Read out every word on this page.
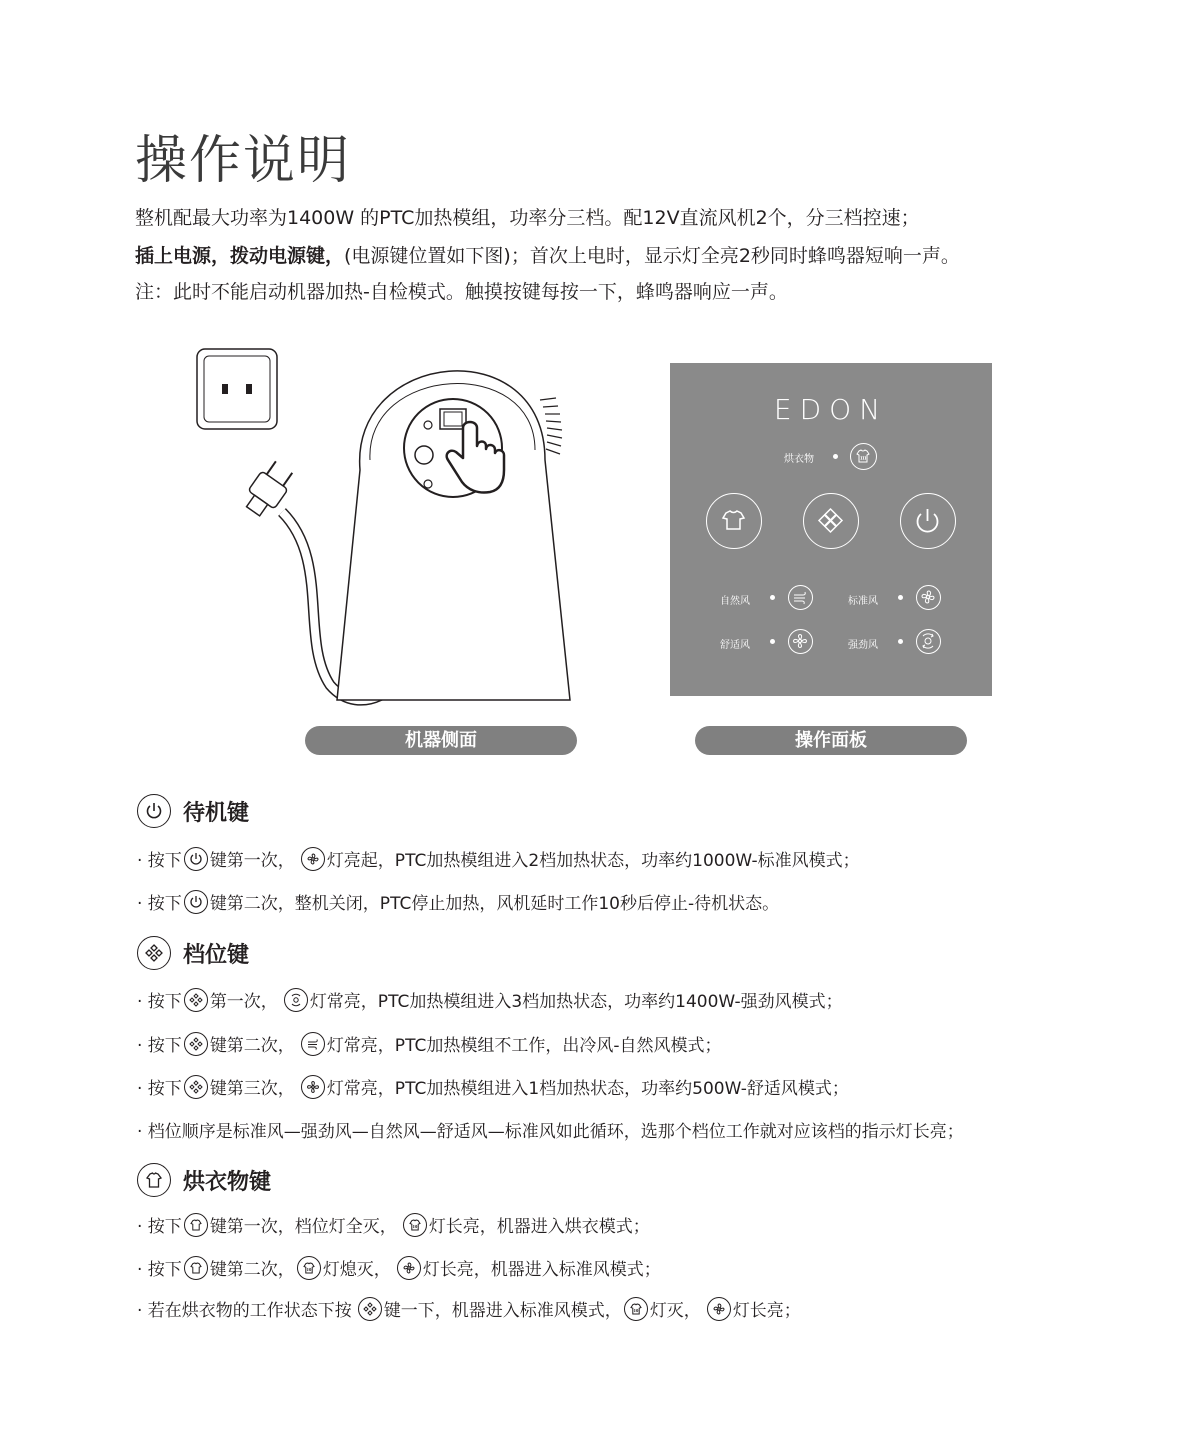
操作说明
整机配最大功率为1400W 的PTC加热模组，功率分三档。配12V直流风机2个，分三档控速；
插上电源，拨动电源键，(电源键位置如下图)；首次上电时，显示灯全亮2秒同时蜂鸣器短响一声。
注：此时不能启动机器加热-自检模式。触摸按键每按一下，蜂鸣器响应一声。
EDON
烘衣物
自然风	标准风
舒适风	强劲风
机器侧面	操作面板
待机键
· 按下 键第一次， 灯亮起，PTC加热模组进入2档加热状态，功率约1000W-标准风模式；
· 按下 键第二次，整机关闭，PTC停止加热，风机延时工作10秒后停止-待机状态。
档位键
· 按下 第一次， 灯常亮，PTC加热模组进入3档加热状态，功率约1400W-强劲风模式；
· 按下 键第二次， 灯常亮，PTC加热模组不工作，出冷风-自然风模式；
· 按下 键第三次， 灯常亮，PTC加热模组进入1档加热状态，功率约500W-舒适风模式；
· 档位顺序是标准风—强劲风—自然风—舒适风—标准风如此循环，选那个档位工作就对应该档的指示灯长亮；
烘衣物键
· 按下 键第一次，档位灯全灭， 灯长亮，机器进入烘衣模式；
· 按下 键第二次， 灯熄灭， 灯长亮，机器进入标准风模式；
· 若在烘衣物的工作状态下按 键一下，机器进入标准风模式， 灯灭， 灯长亮；
